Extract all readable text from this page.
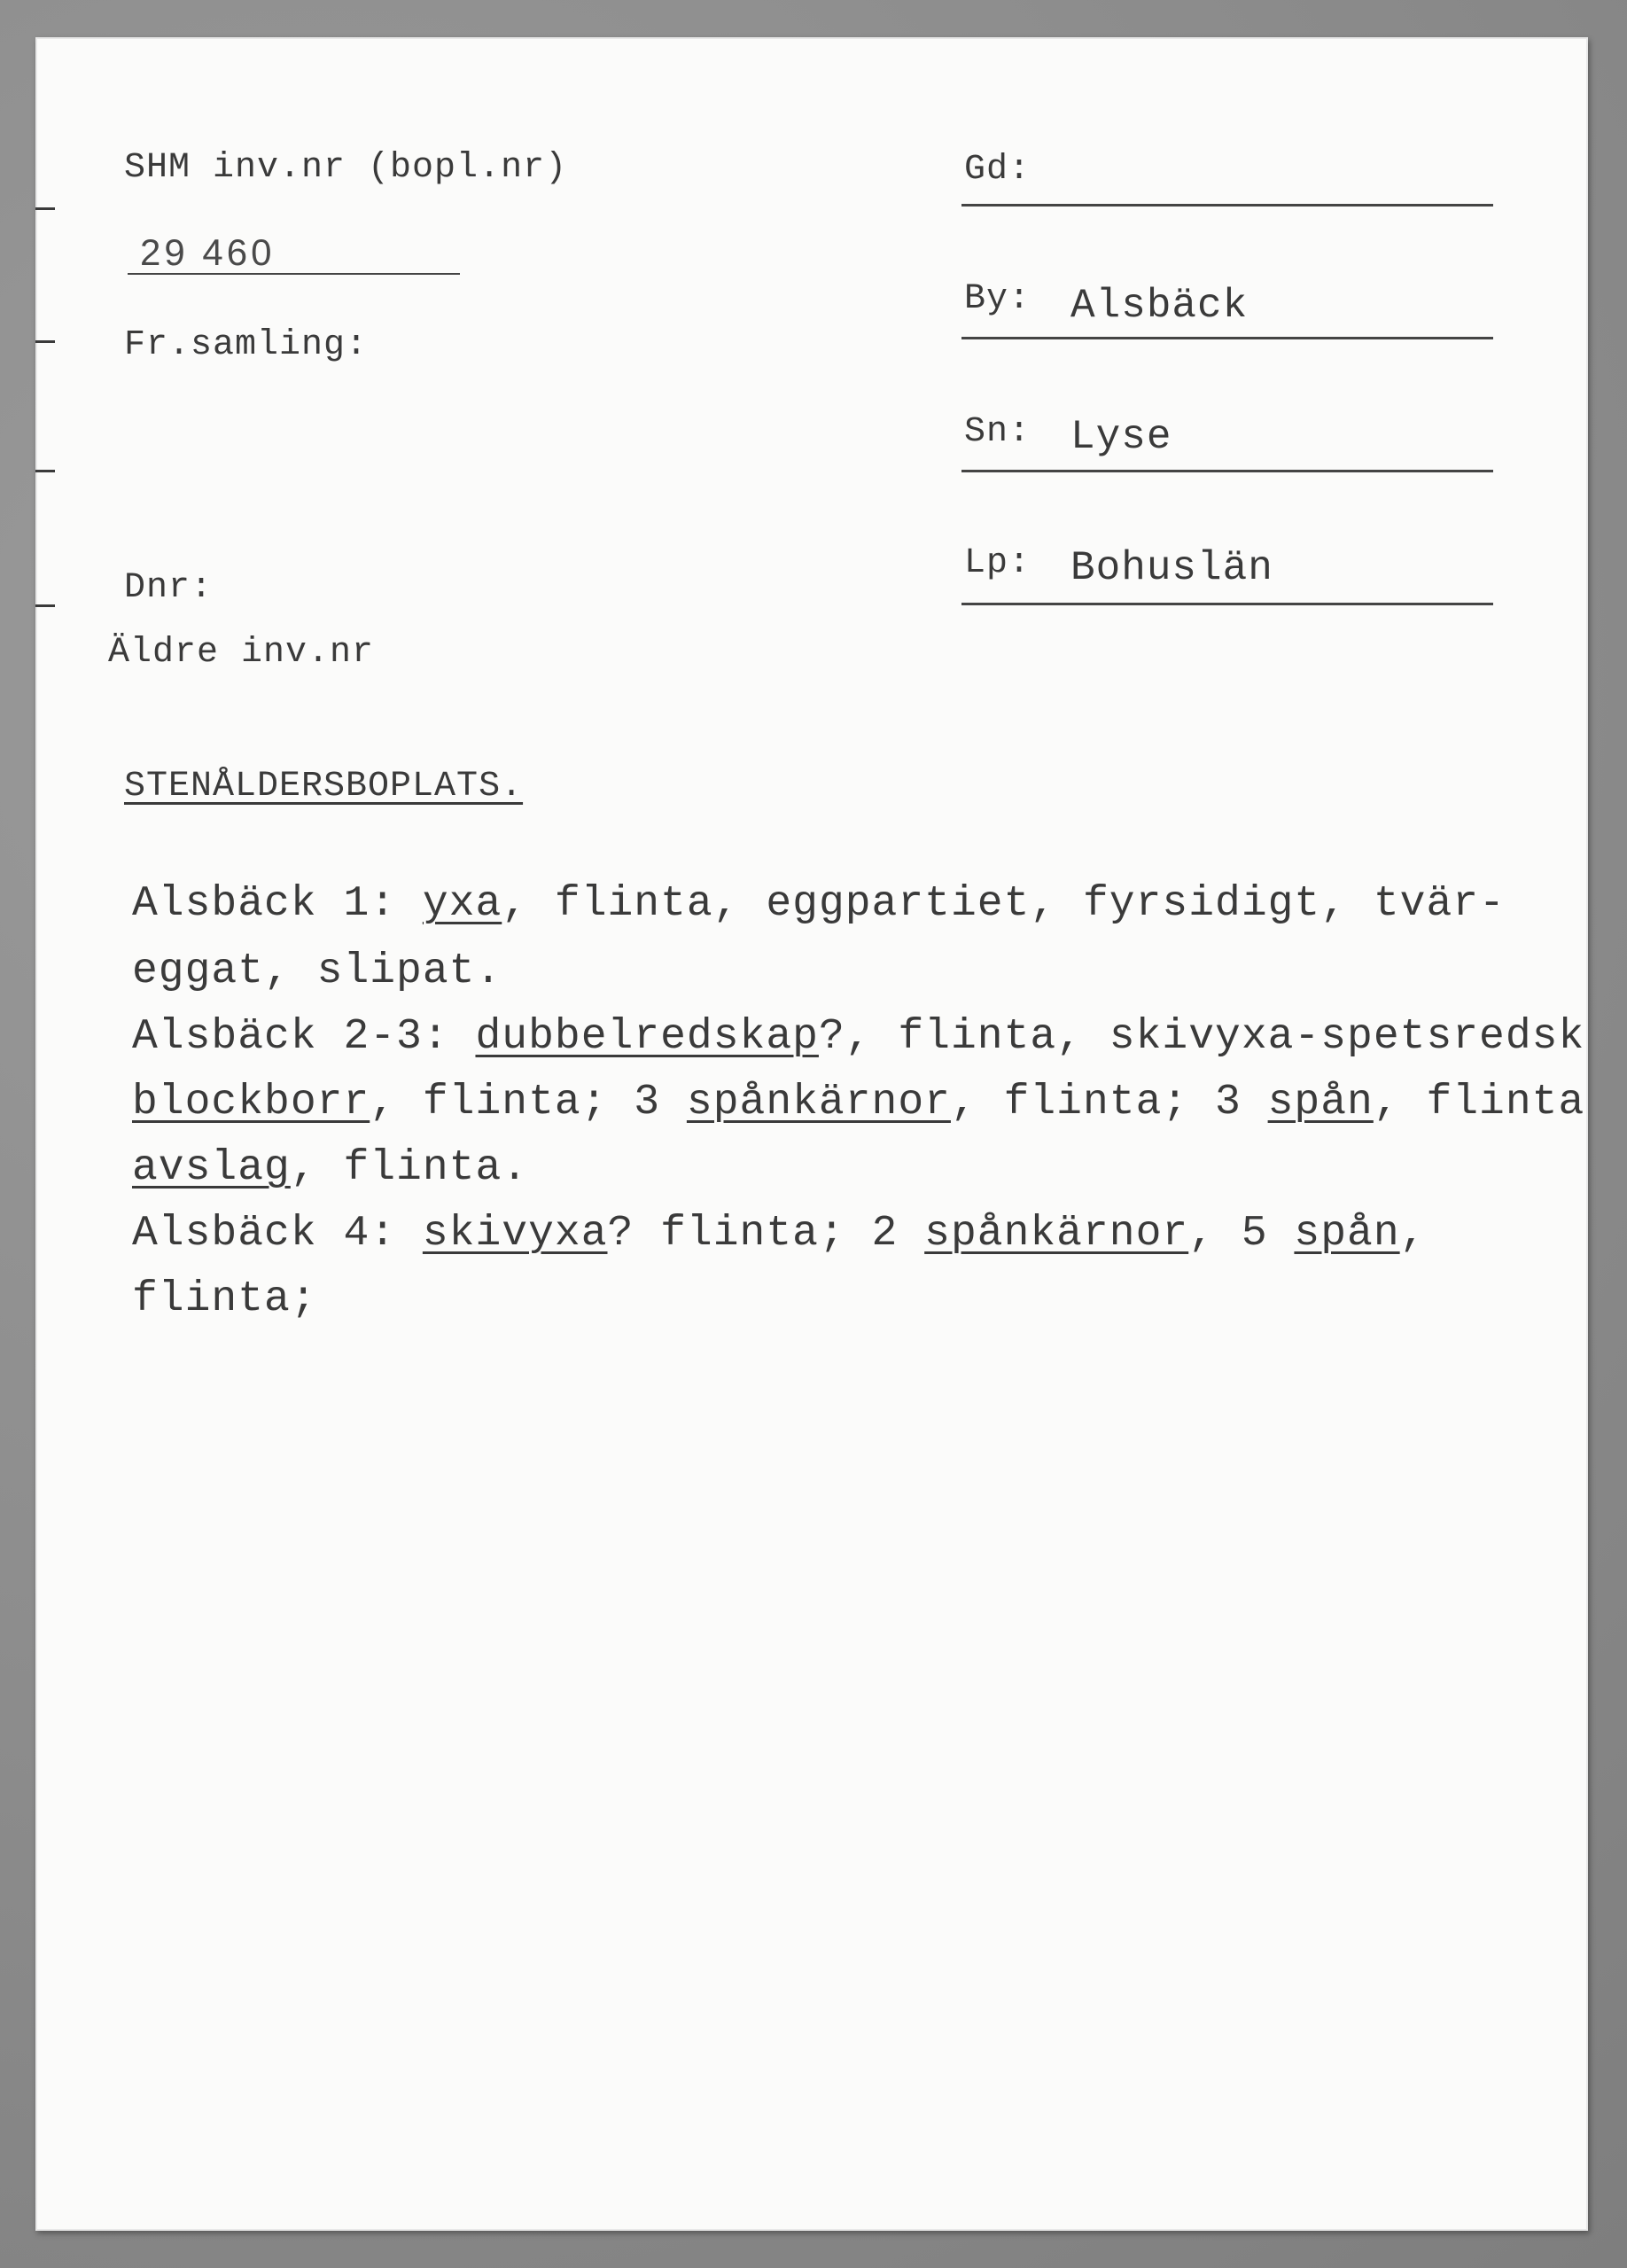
SHM inv.nr (bopl.nr)
29 460
Fr.samling:
Dnr:
Äldre inv.nr
Gd:
By: Alsbäck
Sn: Lyse
Lp: Bohuslän
STENÅLDERSBOPLATS.
Alsbäck 1: yxa, flinta, eggpartiet, fyrsidigt, tvär-
eggat, slipat.
Alsbäck 2-3: dubbelredskap?, flinta, skivyxa-spetsredsk
blockborr, flinta; 3 spånkärnor, flinta; 3 spån, flinta
avslag, flinta.
Alsbäck 4: skivyxa? flinta; 2 spånkärnor, 5 spån,
flinta;
